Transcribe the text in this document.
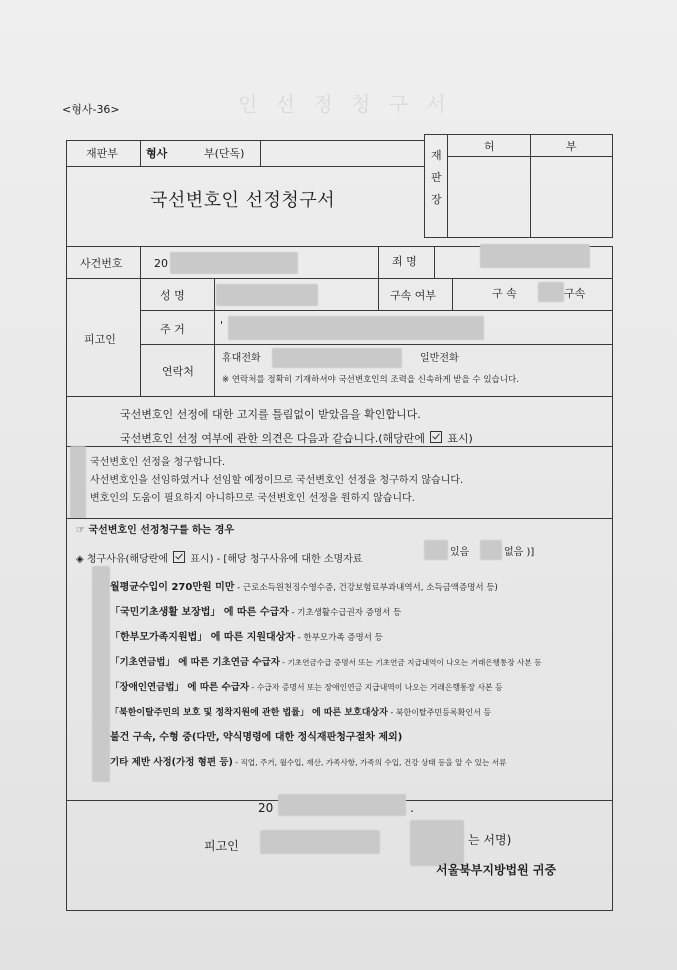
인 선 정 청 구 서
<형사-36>
재판부	형사	부(단독)	재
판
장
허	부
국선변호인 선정청구서
사건번호	20	죄 명
피고인
성 명	구속 여부	구 속	구속
주 거	'
연락처
휴대전화	일반전화
※ 연락처를 정확히 기재하셔야 국선변호인의 조력을 신속하게 받을 수 있습니다.
국선변호인 선정에 대한 고지를 틀림없이 받았음을 확인합니다.
국선변호인 선정 여부에 관한 의견은 다음과 같습니다.(해당란에 표시)
국선변호인 선정을 청구합니다.
사선변호인을 선임하였거나 선임할 예정이므로 국선변호인 선정을 청구하지 않습니다.
변호인의 도움이 필요하지 아니하므로 국선변호인 선정을 원하지 않습니다.
☞ 국선변호인 선정청구를 하는 경우
◈ 청구사유(해당란에 표시) - [해당 청구사유에 대한 소명자료
있음	없음 )]
월평균수입이 270만원 미만 - 근로소득원천징수영수증, 건강보험료부과내역서, 소득금액증명서 등)
「국민기초생활 보장법」 에 따른 수급자 - 기초생활수급권자 증명서 등
「한부모가족지원법」 에 따른 지원대상자 - 한부모가족 증명서 등
「기초연금법」 에 따른 기초연금 수급자 - 기초연금수급 증명서 또는 기초연금 지급내역이 나오는 거래은행통장 사본 등
「장애인연금법」 에 따른 수급자 - 수급자 증명서 또는 장애인연금 지급내역이 나오는 거래은행통장 사본 등
「북한이탈주민의 보호 및 정착지원에 관한 법률」 에 따른 보호대상자 - 북한이탈주민등록확인서 등
불건 구속, 수형 중(다만, 약식명령에 대한 정식재판청구절차 제외)
기타 제반 사정(가정 형편 등) - 직업, 주거, 월수입, 재산, 가족사항, 가족의 수입, 건강 상태 등을 알 수 있는 서류
20	.
피고인	는 서명)
서울북부지방법원 귀중
